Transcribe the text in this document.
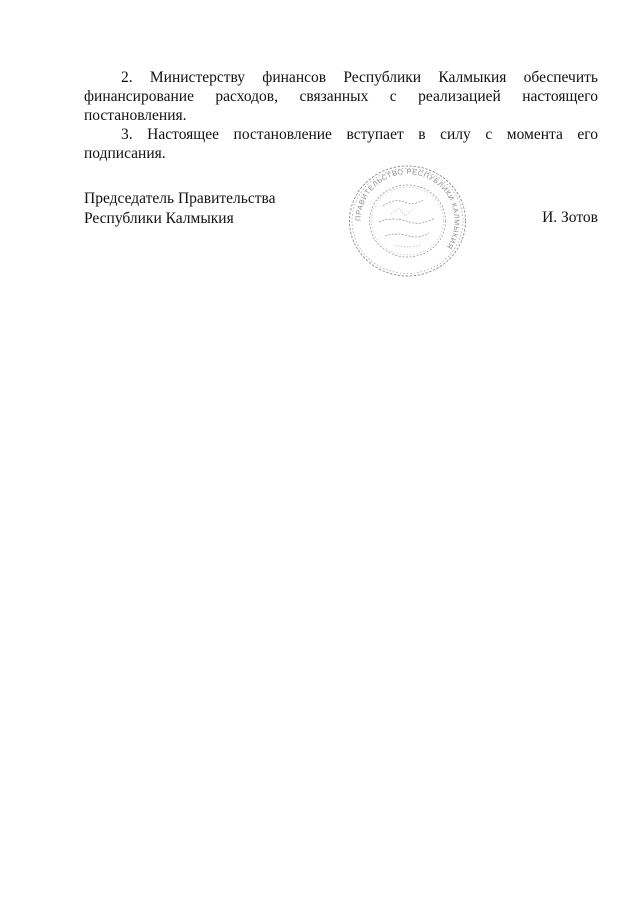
2. Министерству финансов Республики Калмыкия обеспечить финансирование расходов, связанных с реализацией настоящего постановления.

3. Настоящее постановление вступает в силу с момента его подписания.

Председатель Правительства
Республики Калмыкия	И. Зотов
ПРАВИТЕЛЬСТВО РЕСПУБЛИКИ КАЛМЫКИЯ
